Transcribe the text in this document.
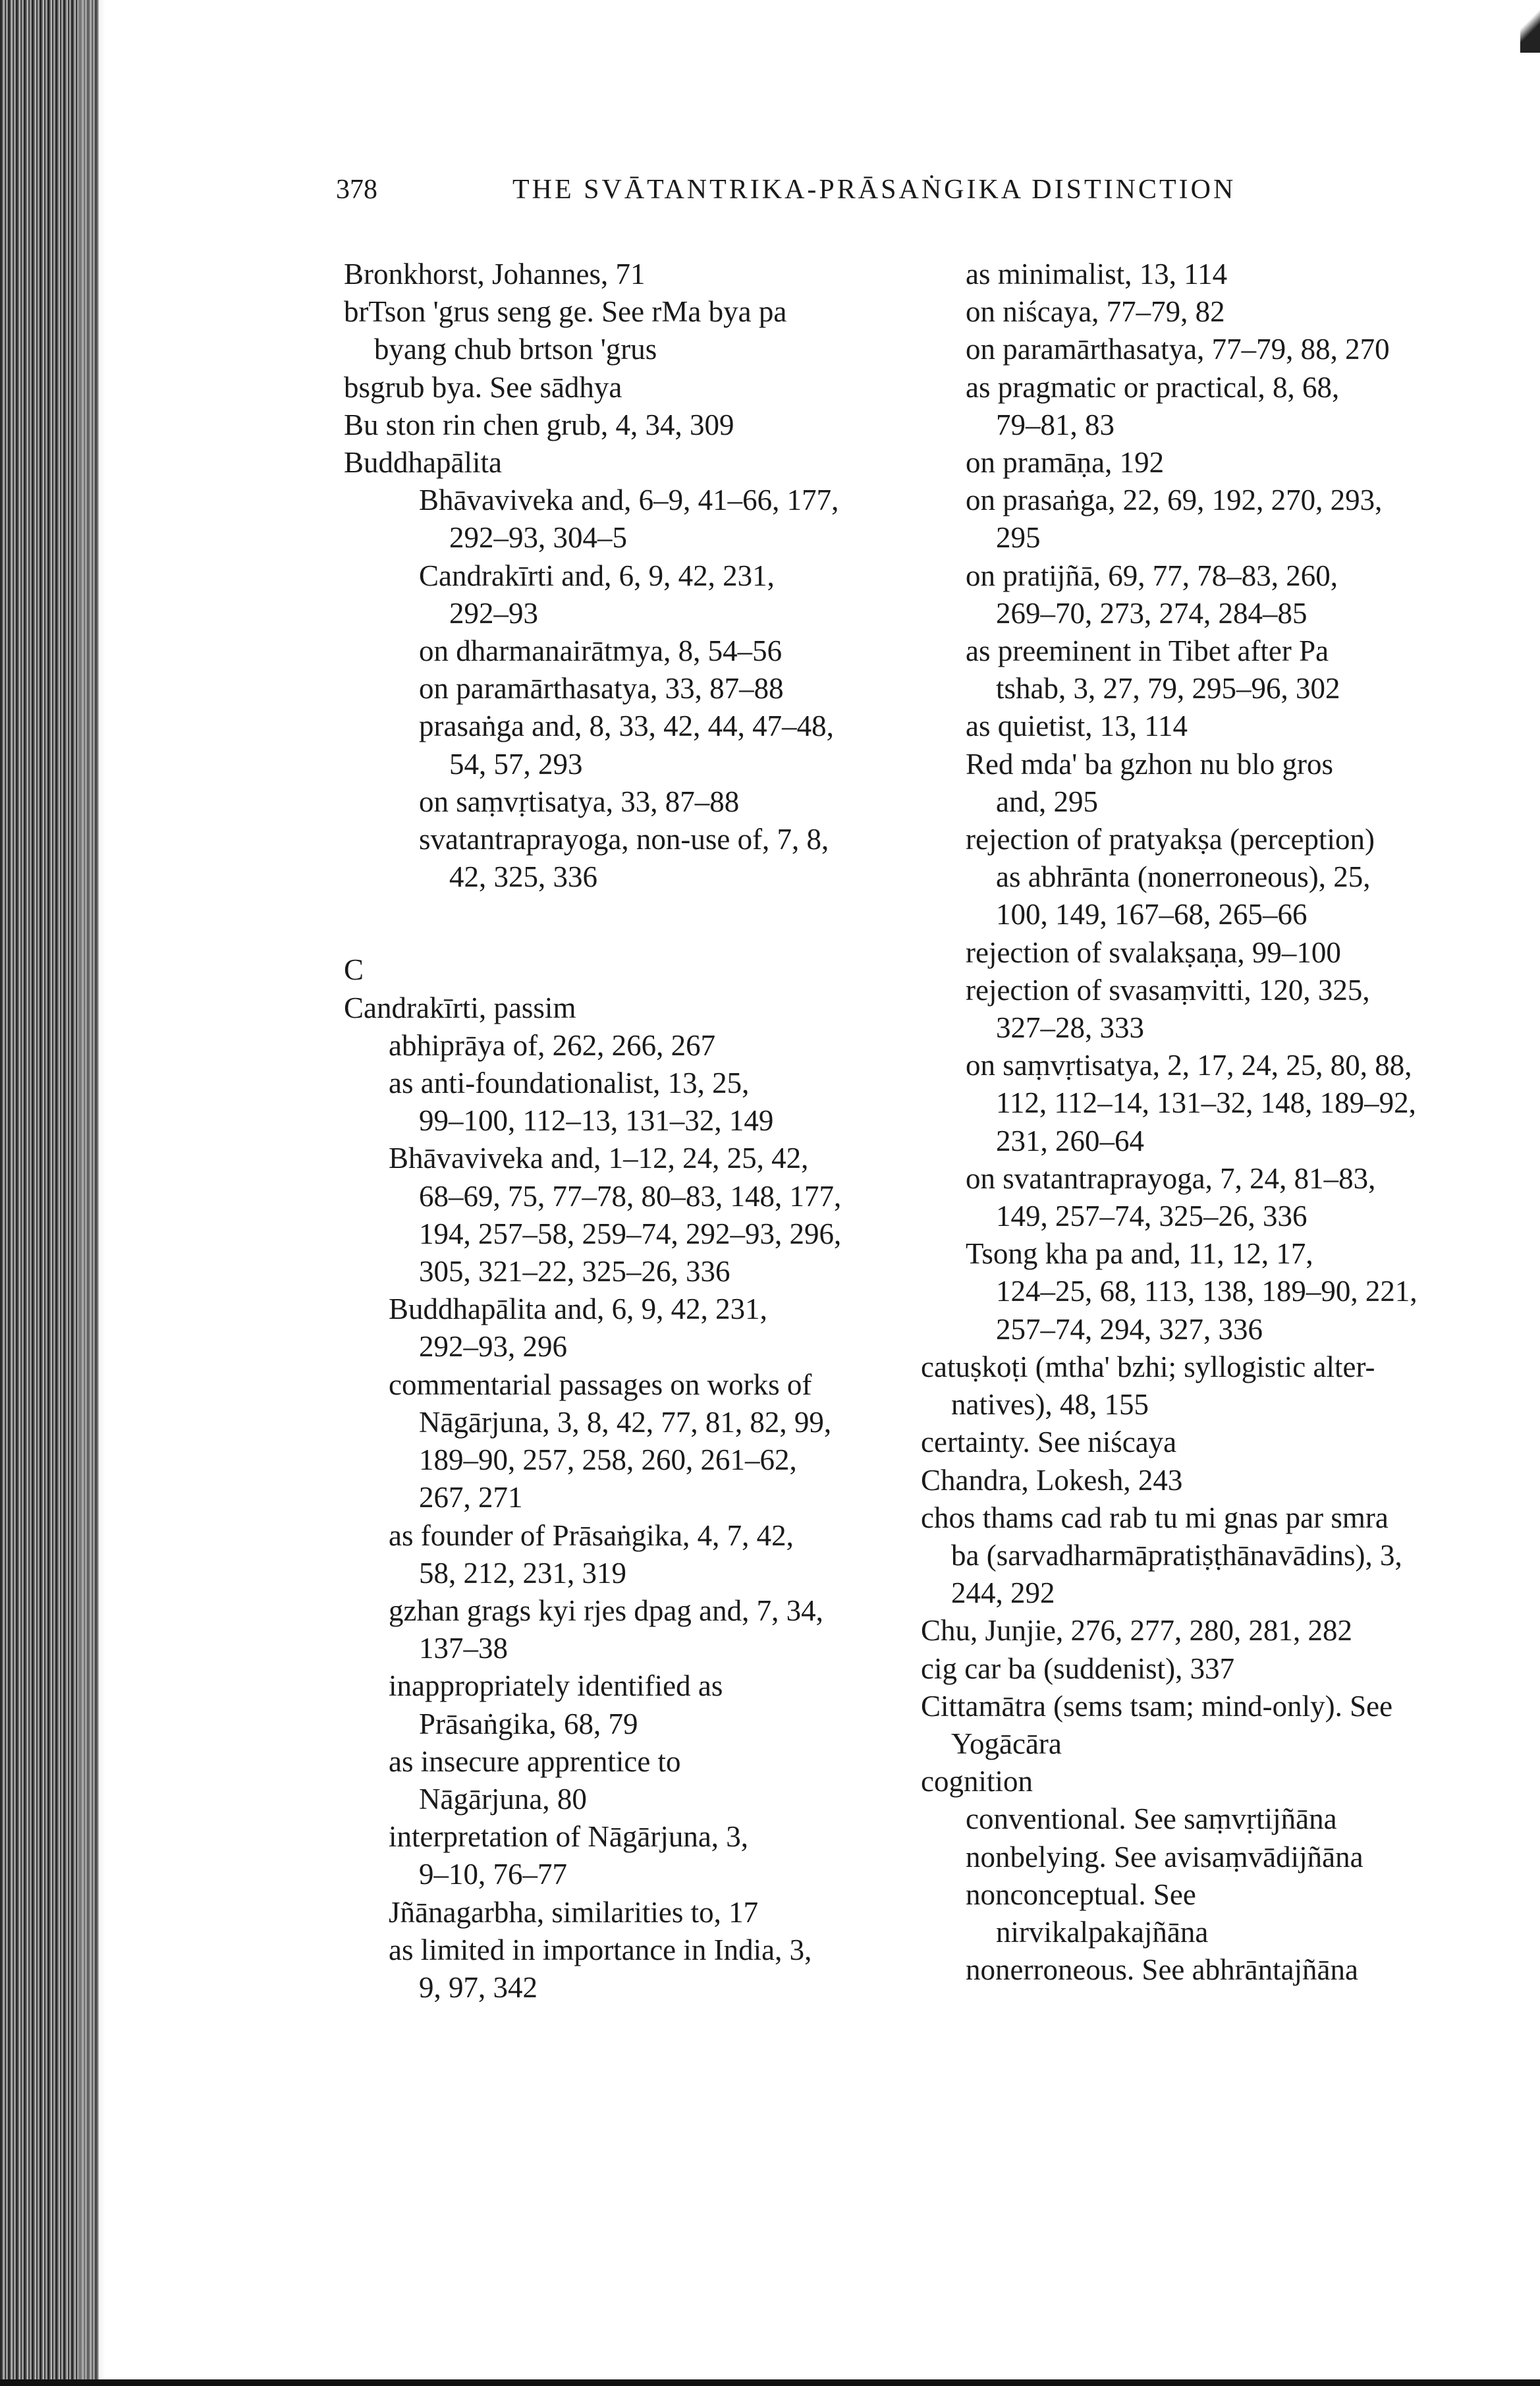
378	THE SVĀTANTRIKA-PRĀSAṄGIKA DISTINCTION
Bronkhorst, Johannes, 71
brTson 'grus seng ge. See rMa bya pa
byang chub brtson 'grus
bsgrub bya. See sādhya
Bu ston rin chen grub, 4, 34, 309
Buddhapālita
Bhāvaviveka and, 6–9, 41–66, 177,
292–93, 304–5
Candrakīrti and, 6, 9, 42, 231,
292–93
on dharmanairātmya, 8, 54–56
on paramārthasatya, 33, 87–88
prasaṅga and, 8, 33, 42, 44, 47–48,
54, 57, 293
on saṃvṛtisatya, 33, 87–88
svatantraprayoga, non-use of, 7, 8,
42, 325, 336
C
Candrakīrti, passim
abhiprāya of, 262, 266, 267
as anti-foundationalist, 13, 25,
99–100, 112–13, 131–32, 149
Bhāvaviveka and, 1–12, 24, 25, 42,
68–69, 75, 77–78, 80–83, 148, 177,
194, 257–58, 259–74, 292–93, 296,
305, 321–22, 325–26, 336
Buddhapālita and, 6, 9, 42, 231,
292–93, 296
commentarial passages on works of
Nāgārjuna, 3, 8, 42, 77, 81, 82, 99,
189–90, 257, 258, 260, 261–62,
267, 271
as founder of Prāsaṅgika, 4, 7, 42,
58, 212, 231, 319
gzhan grags kyi rjes dpag and, 7, 34,
137–38
inappropriately identified as
Prāsaṅgika, 68, 79
as insecure apprentice to
Nāgārjuna, 80
interpretation of Nāgārjuna, 3,
9–10, 76–77
Jñānagarbha, similarities to, 17
as limited in importance in India, 3,
9, 97, 342
as minimalist, 13, 114
on niścaya, 77–79, 82
on paramārthasatya, 77–79, 88, 270
as pragmatic or practical, 8, 68,
79–81, 83
on pramāṇa, 192
on prasaṅga, 22, 69, 192, 270, 293,
295
on pratijñā, 69, 77, 78–83, 260,
269–70, 273, 274, 284–85
as preeminent in Tibet after Pa
tshab, 3, 27, 79, 295–96, 302
as quietist, 13, 114
Red mda' ba gzhon nu blo gros
and, 295
rejection of pratyakṣa (perception)
as abhrānta (nonerroneous), 25,
100, 149, 167–68, 265–66
rejection of svalakṣaṇa, 99–100
rejection of svasaṃvitti, 120, 325,
327–28, 333
on saṃvṛtisatya, 2, 17, 24, 25, 80, 88,
112, 112–14, 131–32, 148, 189–92,
231, 260–64
on svatantraprayoga, 7, 24, 81–83,
149, 257–74, 325–26, 336
Tsong kha pa and, 11, 12, 17,
124–25, 68, 113, 138, 189–90, 221,
257–74, 294, 327, 336
catuṣkoṭi (mtha' bzhi; syllogistic alter-
natives), 48, 155
certainty. See niścaya
Chandra, Lokesh, 243
chos thams cad rab tu mi gnas par smra
ba (sarvadharmāpratiṣṭhānavādins), 3,
244, 292
Chu, Junjie, 276, 277, 280, 281, 282
cig car ba (suddenist), 337
Cittamātra (sems tsam; mind-only). See
Yogācāra
cognition
conventional. See saṃvṛtijñāna
nonbelying. See avisaṃvādijñāna
nonconceptual. See
nirvikalpakajñāna
nonerroneous. See abhrāntajñāna
